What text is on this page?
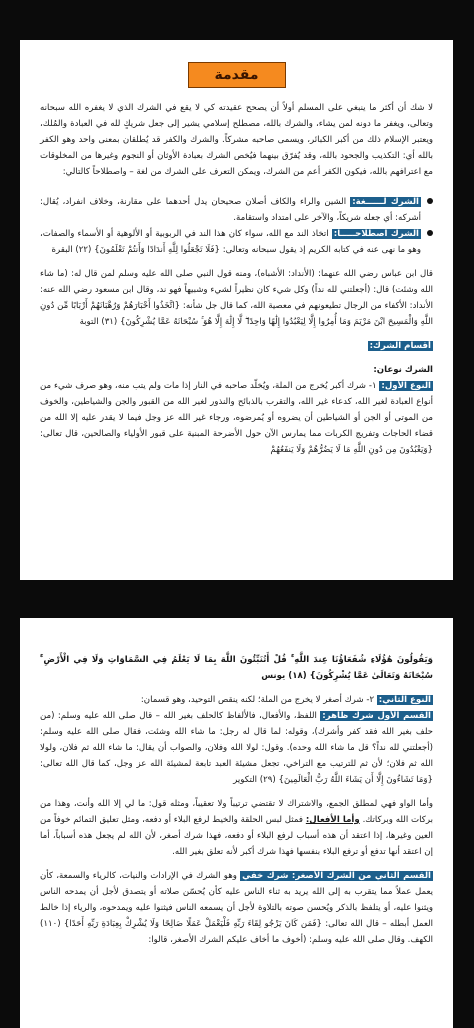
مقدمة

لا شك أن أكثر ما ينبغي على المسلم أولاً أن يصحح عقيدته كي لا يقع في الشرك الذي لا يغفره الله سبحانه وتعالى، ويغفر ما دونه لمن يشاء، والشرك بالله، مصطلح إسلامي يشير إلى جعل شريكٍ لله في العبادة والمُلك، ويعتبر الإسلام ذلك من أكبر الكبائر، ويسمى صاحبه مشركاً. والشرك والكفر قد يُطلقان بمعنى واحد وهو الكفر بالله أي: التكذيب والجحود بالله، وقد يُفرّق بينهما فيُخص الشرك بعبادة الأوثان أو النجوم وغيرها من المخلوقات مع اعترافهم بالله، فيكون الكفر أعم من الشرك، ويمكن التعرف على الشرك من لغة – واصطلاحاً كالتالي:

الشرك لــــــغة: الشين والراء والكاف أصلان صحيحان يدل أحدهما على مقارنة، وخلاف انفراد، يُقال: أشركه: أي جعله شريكاً، والآخر على امتداد واستقامة.
الشرك اصطلاحـــــاً: اتخاذ الند مع الله، سواء كان هذا الند في الربوبية أو الألوهية أو الأسماء والصفات، وهو ما نهى عنه في كتابه الكريم إذ يقول سبحانه وتعالى: {فَلَا تَجْعَلُوا لِلَّهِ أَندَادًا وَأَنتُمْ تَعْلَمُونَ} (٢٢) البقرة

قال ابن عباس رضي الله عنهما: (الأنداد: الأشباه)، ومنه قول النبي صلى الله عليه وسلم لمن قال له: (ما شاء الله وشئت) قال: (أجعلتني لله نداً) وكل شيء كان نظيراً لشيء وشبيهاً فهو ند، وقال ابن مسعود رضي الله عنه: الأنداد: الأكفاء من الرجال تطيعونهم في معصية الله، كما قال جل شأنه: {اتَّخَذُوا أَحْبَارَهُمْ وَرُهْبَانَهُمْ أَرْبَابًا مِّن دُونِ اللَّهِ وَالْمَسِيحَ ابْنَ مَرْيَمَ وَمَا أُمِرُوا إِلَّا لِيَعْبُدُوا إِلَٰهًا وَاحِدًا ۖ لَّا إِلَٰهَ إِلَّا هُوَ ۚ سُبْحَانَهُ عَمَّا يُشْرِكُونَ} (٣١) التوبة

أقسام الشرك:

الشرك نوعان:

النوع الأول: ١- شرك أكبر يُخرج من الملة، ويُخلّد صاحبه في النار إذا مات ولم يتب منه، وهو صرف شيء من أنواع العبادة لغير الله، كدعاء غير الله، والتقرب بالذبائح والنذور لغير الله من القبور والجن والشياطين، والخوف من الموتى أو الجن أو الشياطين أن يضروه أو يُمرضوه، ورجاء غير الله عز وجل فيما لا يقدر عليه إلا الله من قضاء الحاجات وتفريج الكربات مما يمارس الآن حول الأضرحة المبنية على قبور الأولياء والصالحين، قال تعالى: {وَيَعْبُدُونَ مِن دُونِ اللَّهِ مَا لَا يَضُرُّهُمْ وَلَا يَنفَعُهُمْ

وَيَقُولُونَ هَٰؤُلَاءِ شُفَعَاؤُنَا عِندَ اللَّهِ ۚ قُلْ أَتُنَبِّئُونَ اللَّهَ بِمَا لَا يَعْلَمُ فِي السَّمَاوَاتِ وَلَا فِي الْأَرْضِ ۚ سُبْحَانَهُ وَتَعَالَىٰ عَمَّا يُشْرِكُونَ} (١٨) يونس

النوع الثاني: ٢- شرك أصغر لا يخرج من الملة؛ لكنه ينقص التوحيد، وهو قسمان:

القسم الأول شرك ظاهر: اللفظ، والأفعال، فالألفاظ كالحلف بغير الله – قال صلى الله عليه وسلم: (من حلف بغير الله فقد كفر وأشرك)، وقوله: لما قال له رجل: ما شاء الله وشئت، فقال صلى الله عليه وسلم: (أجعلتني لله نداً؟ قل ما شاء الله وحده). وقول: لولا الله وفلان، والصواب أن يقال: ما شاء الله ثم فلان، ولولا الله ثم فلان؛ لأن ثم للترتيب مع التراخي، تجعل مشيئة العبد تابعة لمشيئة الله عز وجل، كما قال الله تعالى: {وَمَا تَشَاءُونَ إِلَّا أَن يَشَاءَ اللَّهُ رَبُّ الْعَالَمِينَ} (٢٩) التكوير

وأما الواو فهي لمطلق الجمع، والاشتراك لا تقتضي ترتيباً ولا تعقيباً، ومثله قول: ما لي إلا الله وأنت، وهذا من بركات الله وبركاتك. وأما الأفعال: فمثل لبس الحلقة والخيط لرفع البلاء أو دفعه، ومثل تعليق التمائم خوفاً من العين وغيرها، إذا اعتقد أن هذه أسباب لرفع البلاء أو دفعه، فهذا شرك أصغر، لأن الله لم يجعل هذه أسباباً، أما إن اعتقد أنها تدفع أو ترفع البلاء بنفسها فهذا شرك أكبر لأنه تعلق بغير الله.

القسم الثاني من الشرك الأصغر: شرك خفي وهو الشرك في الإرادات والنيات، كالرياء والسمعة، كأن يعمل عملاً مما يتقرب به إلى الله يريد به ثناء الناس عليه كأن يُحسّن صلاته أو يتصدق لأجل أن يمدحه الناس ويثنوا عليه، أو يتلفظ بالذكر ويُحسن صوته بالتلاوة لأجل أن يسمعه الناس فيثنوا عليه ويمدحوه، والرياء إذا خالط العمل أبطله – قال الله تعالى: {فَمَن كَانَ يَرْجُو لِقَاءَ رَبِّهِ فَلْيَعْمَلْ عَمَلًا صَالِحًا وَلَا يُشْرِكْ بِعِبَادَةِ رَبِّهِ أَحَدًا} (١١٠) الكهف. وقال صلى الله عليه وسلم: (أخوف ما أخاف عليكم الشرك الأصغر، قالوا:
